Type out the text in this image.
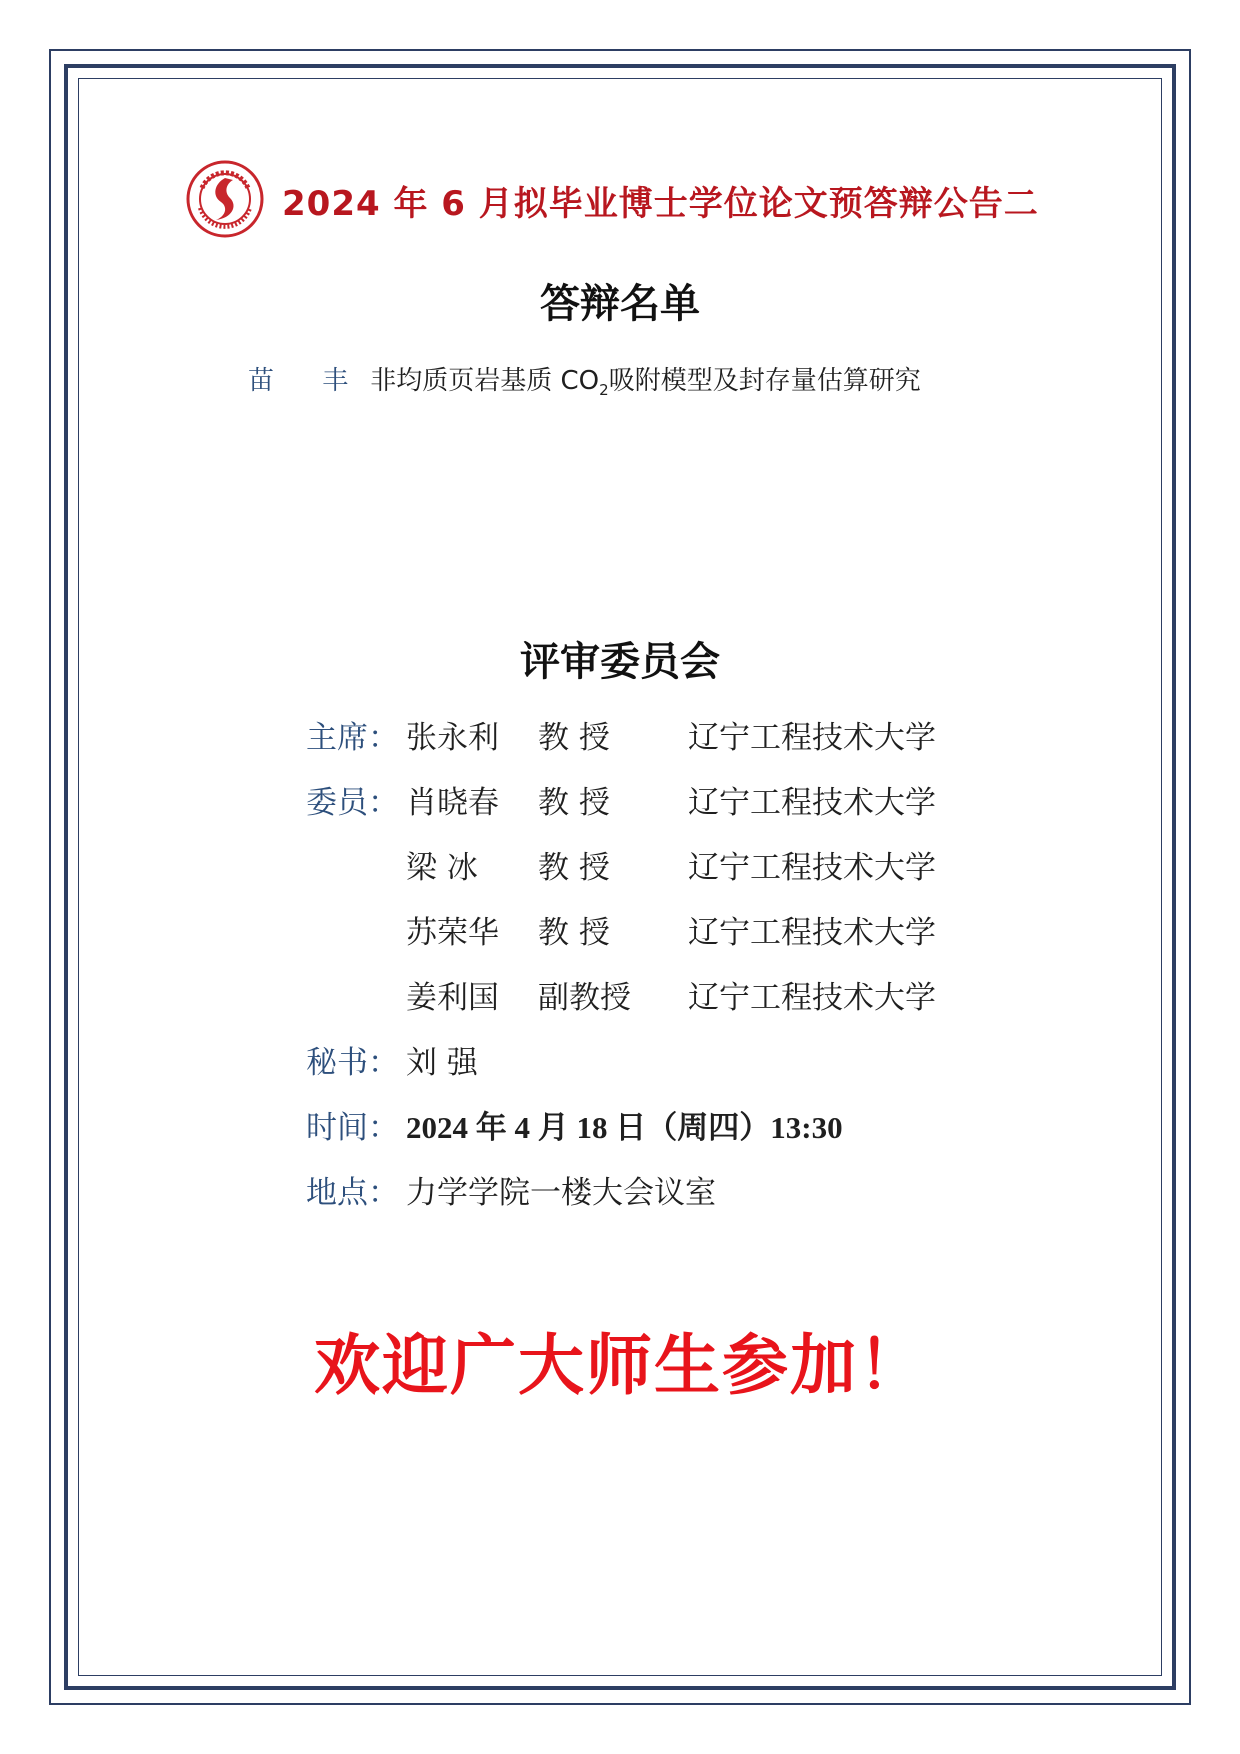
2024 年 6 月拟毕业博士学位论文预答辩公告二
答辩名单
苗 丰 非均质页岩基质 $CO_2$吸附模型及封存量估算研究
评审委员会
主席： 张永利 教 授	辽宁工程技术大学
委员： 肖晓春 教 授	辽宁工程技术大学
梁 冰 教 授	辽宁工程技术大学
苏荣华 教 授	辽宁工程技术大学
姜利国 副教授 辽宁工程技术大学
秘书： 刘 强
时间： 2024 年 4 月 18 日（周四）13:30
地点： 力学学院一楼大会议室
欢迎广大师生参加！
